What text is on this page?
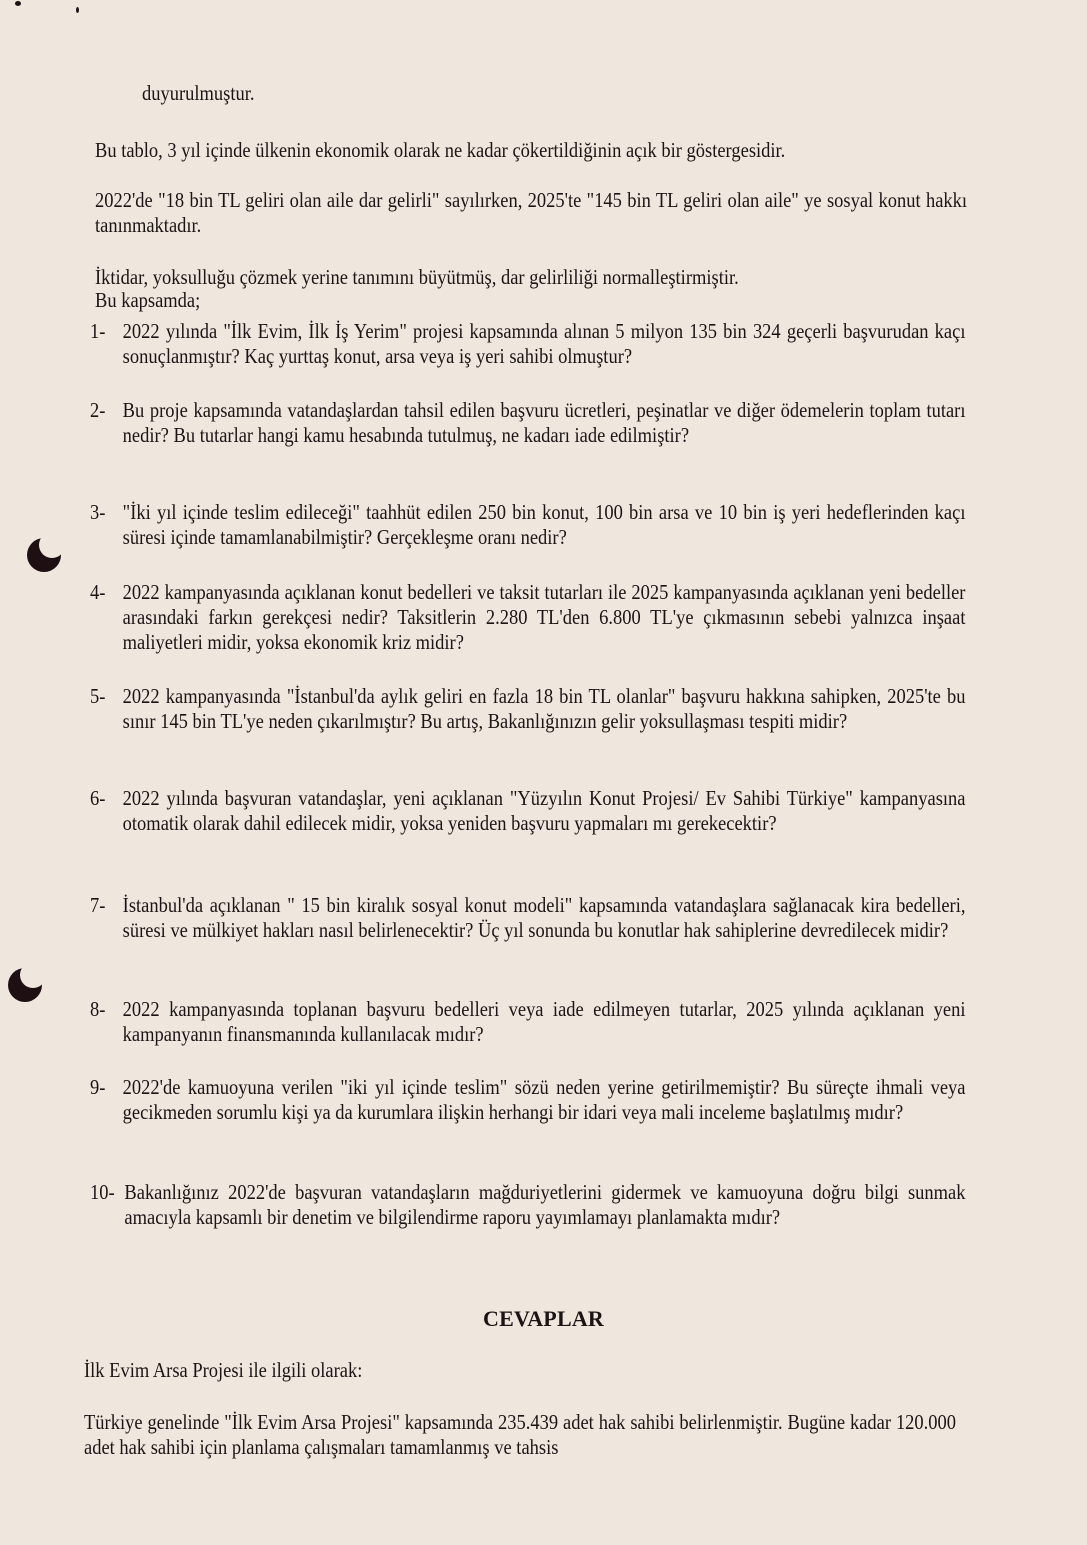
duyurulmuştur.
Bu tablo, 3 yıl içinde ülkenin ekonomik olarak ne kadar çökertildiğinin açık bir göstergesidir.
2022'de "18 bin TL geliri olan aile dar gelirli" sayılırken, 2025'te "145 bin TL geliri olan aile" ye sosyal konut hakkı tanınmaktadır.
İktidar, yoksulluğu çözmek yerine tanımını büyütmüş, dar gelirliliği normalleştirmiştir.
Bu kapsamda;
1- 2022 yılında "İlk Evim, İlk İş Yerim" projesi kapsamında alınan 5 milyon 135 bin 324 geçerli başvurudan kaçı sonuçlanmıştır? Kaç yurttaş konut, arsa veya iş yeri sahibi olmuştur?
2- Bu proje kapsamında vatandaşlardan tahsil edilen başvuru ücretleri, peşinatlar ve diğer ödemelerin toplam tutarı nedir? Bu tutarlar hangi kamu hesabında tutulmuş, ne kadarı iade edilmiştir?
3- "İki yıl içinde teslim edileceği" taahhüt edilen 250 bin konut, 100 bin arsa ve 10 bin iş yeri hedeflerinden kaçı süresi içinde tamamlanabilmiştir? Gerçekleşme oranı nedir?
4- 2022 kampanyasında açıklanan konut bedelleri ve taksit tutarları ile 2025 kampanyasında açıklanan yeni bedeller arasındaki farkın gerekçesi nedir? Taksitlerin 2.280 TL'den 6.800 TL'ye çıkmasının sebebi yalnızca inşaat maliyetleri midir, yoksa ekonomik kriz midir?
5- 2022 kampanyasında "İstanbul'da aylık geliri en fazla 18 bin TL olanlar" başvuru hakkına sahipken, 2025'te bu sınır 145 bin TL'ye neden çıkarılmıştır? Bu artış, Bakanlığınızın gelir yoksullaşması tespiti midir?
6- 2022 yılında başvuran vatandaşlar, yeni açıklanan "Yüzyılın Konut Projesi/ Ev Sahibi Türkiye" kampanyasına otomatik olarak dahil edilecek midir, yoksa yeniden başvuru yapmaları mı gerekecektir?
7- İstanbul'da açıklanan " 15 bin kiralık sosyal konut modeli" kapsamında vatandaşlara sağlanacak kira bedelleri, süresi ve mülkiyet hakları nasıl belirlenecektir? Üç yıl sonunda bu konutlar hak sahiplerine devredilecek midir?
8- 2022 kampanyasında toplanan başvuru bedelleri veya iade edilmeyen tutarlar, 2025 yılında açıklanan yeni kampanyanın finansmanında kullanılacak mıdır?
9- 2022'de kamuoyuna verilen "iki yıl içinde teslim" sözü neden yerine getirilmemiştir? Bu süreçte ihmali veya gecikmeden sorumlu kişi ya da kurumlara ilişkin herhangi bir idari veya mali inceleme başlatılmış mıdır?
10- Bakanlığınız 2022'de başvuran vatandaşların mağduriyetlerini gidermek ve kamuoyuna doğru bilgi sunmak amacıyla kapsamlı bir denetim ve bilgilendirme raporu yayımlamayı planlamakta mıdır?
CEVAPLAR
İlk Evim Arsa Projesi ile ilgili olarak:
Türkiye genelinde "İlk Evim Arsa Projesi" kapsamında 235.439 adet hak sahibi belirlenmiştir. Bugüne kadar 120.000 adet hak sahibi için planlama çalışmaları tamamlanmış ve tahsis
